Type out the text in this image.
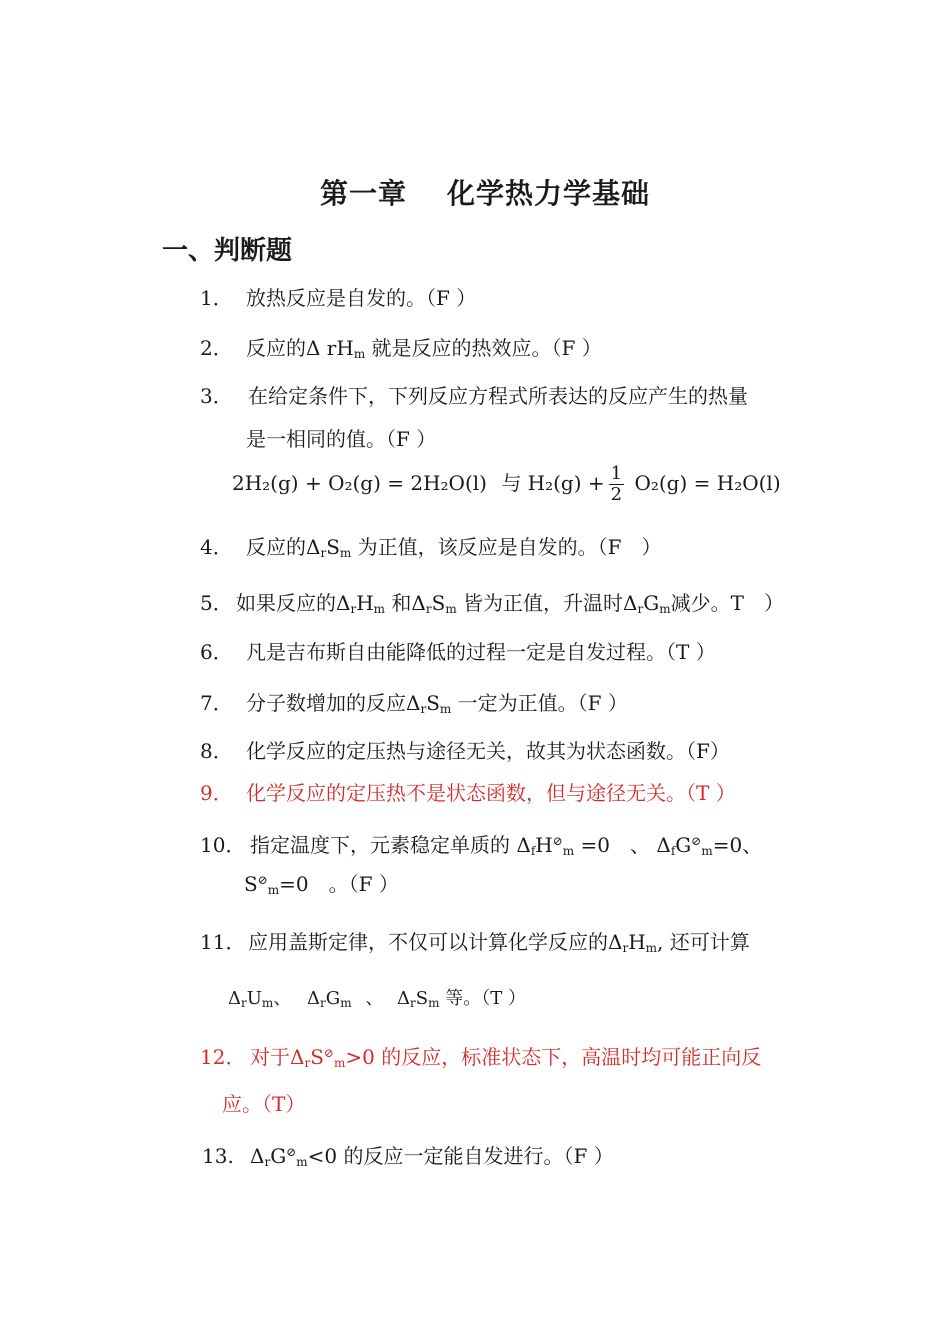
第一章 化学热力学基础
一、判断题
1． 放热反应是自发的。（F ）
2． 反应的Δ $rH_m$ 就是反应的热效应。（F ）
3． 在给定条件下，下列反应方程式所表达的反应产生的热量
是一相同的值。（F ）
2H₂(g) + O₂(g) = 2H₂O(l) 与 $H_2(g) + \frac{1}{2} O_2(g) = H_2O(l)$
4． 反应的$\Delta_rS_m$ 为正值，该反应是自发的。（F　）
5． 如果反应的$\Delta_rH_m$ 和$\Delta_rS_m$ 皆为正值，升温时$\Delta_rG_m$减少。T　）
6． 凡是吉布斯自由能降低的过程一定是自发过程。（T ）
7． 分子数增加的反应$\Delta_rS_m$ 一定为正值。（F ）
8． 化学反应的定压热与途径无关，故其为状态函数。（F）
9． 化学反应的定压热不是状态函数，但与途径无关。（T ）
10． 指定温度下，元素稳定单质的 $\Delta_fH^⊘_m =0$　、 $\Delta_fG^⊘_m=0$、
$S^⊘_m=0$　。（F ）
11． 应用盖斯定律，不仅可以计算化学反应的$\Delta_rH_m$, 还可计算
$\Delta_rU_m$、 $\Delta_rG_m$ 、 $\Delta_rS_m$ 等。（T ）
12． 对于$\Delta_rS^⊘_m>0$ 的反应，标准状态下，高温时均可能正向反
应。（T）
13. $\Delta_rG^⊘_m<0$ 的反应一定能自发进行。（F ）
